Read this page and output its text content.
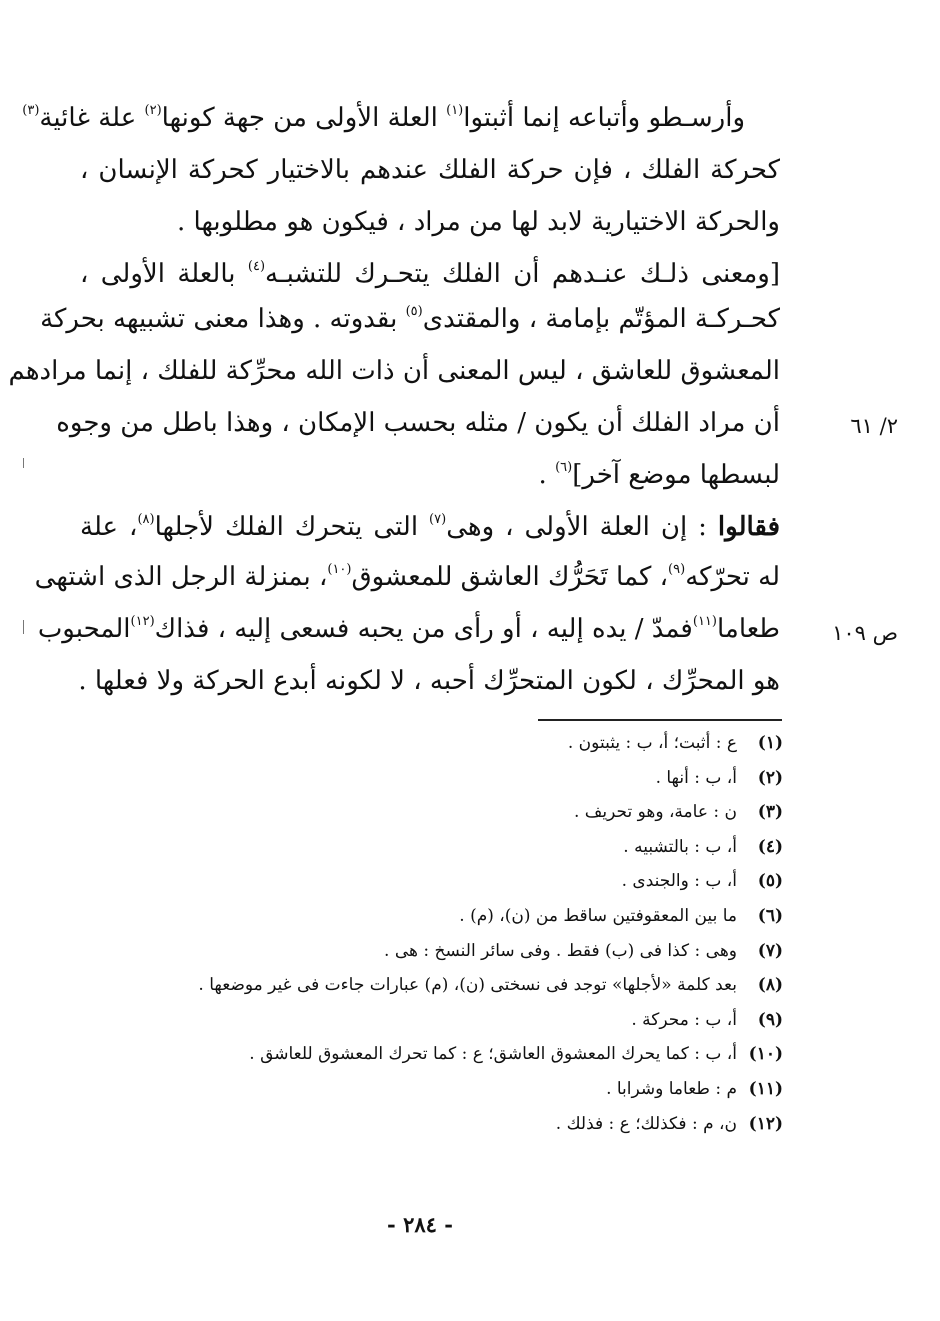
وأرسـطو وأتباعه إنما أثبتوا$^{(١)}$ العلة الأولى من جهة كونها$^{(٢)}$ علة غائية$^{(٣)}$
كحركة الفلك ، فإن حركة الفلك عندهم بالاختيار كحركة الإنسان ،
والحركة الاختيارية لابد لها من مراد ، فيكون هو مطلوبها .
[ومعنى ذلـك عنـدهم أن الفلك يتحـرك للتشبـه$^{(٤)}$ بالعلة الأولى ،
كحـركـة المؤتّم بإمامة ، والمقتدى$^{(٥)}$ بقدوته . وهذا معنى تشبيهه بحركة
المعشوق للعاشق ، ليس المعنى أن ذات الله محرِّكة للفلك ، إنما مرادهم
أن مراد الفلك أن يكون / مثله بحسب الإمكان ، وهذا باطل من وجوه
لبسطها موضع آخر]$^{(٦)}$ .
فقالوا : إن العلة الأولى ، وهى$^{(٧)}$ التى يتحرك الفلك لأجلها$^{(٨)}$، علة
له تحرّكه$^{(٩)}$، كما تَحَرُّك العاشق للمعشوق$^{(١٠)}$، بمنزلة الرجل الذى اشتهى
طعاما$^{(١١)}$فمدّ / يده إليه ، أو رأى من يحبه فسعى إليه ، فذاك$^{(١٢)}$المحبوب
هو المحرِّك ، لكون المتحرِّك أحبه ، لا لكونه أبدع الحركة ولا فعلها .
٢/ ٦١
ص ١٠٩
(١)ع : أثبت؛ أ، ب : يثبتون .
(٢)أ، ب : أنها .
(٣)ن : عامة، وهو تحريف .
(٤)أ، ب : بالتشبيه .
(٥)أ، ب : والجندى .
(٦)ما بين المعقوفتين ساقط من (ن)، (م) .
(٧)وهى : كذا فى (ب) فقط . وفى سائر النسخ : هى .
(٨)بعد كلمة «لأجلها» توجد فى نسختى (ن)، (م) عبارات جاءت فى غير موضعها .
(٩)أ، ب : محركة .
(١٠)أ، ب : كما يحرك المعشوق العاشق؛ ع : كما تحرك المعشوق للعاشق .
(١١)م : طعاما وشرابا .
(١٢)ن، م : فكذلك؛ ع : فذلك .
- ٢٨٤ -
